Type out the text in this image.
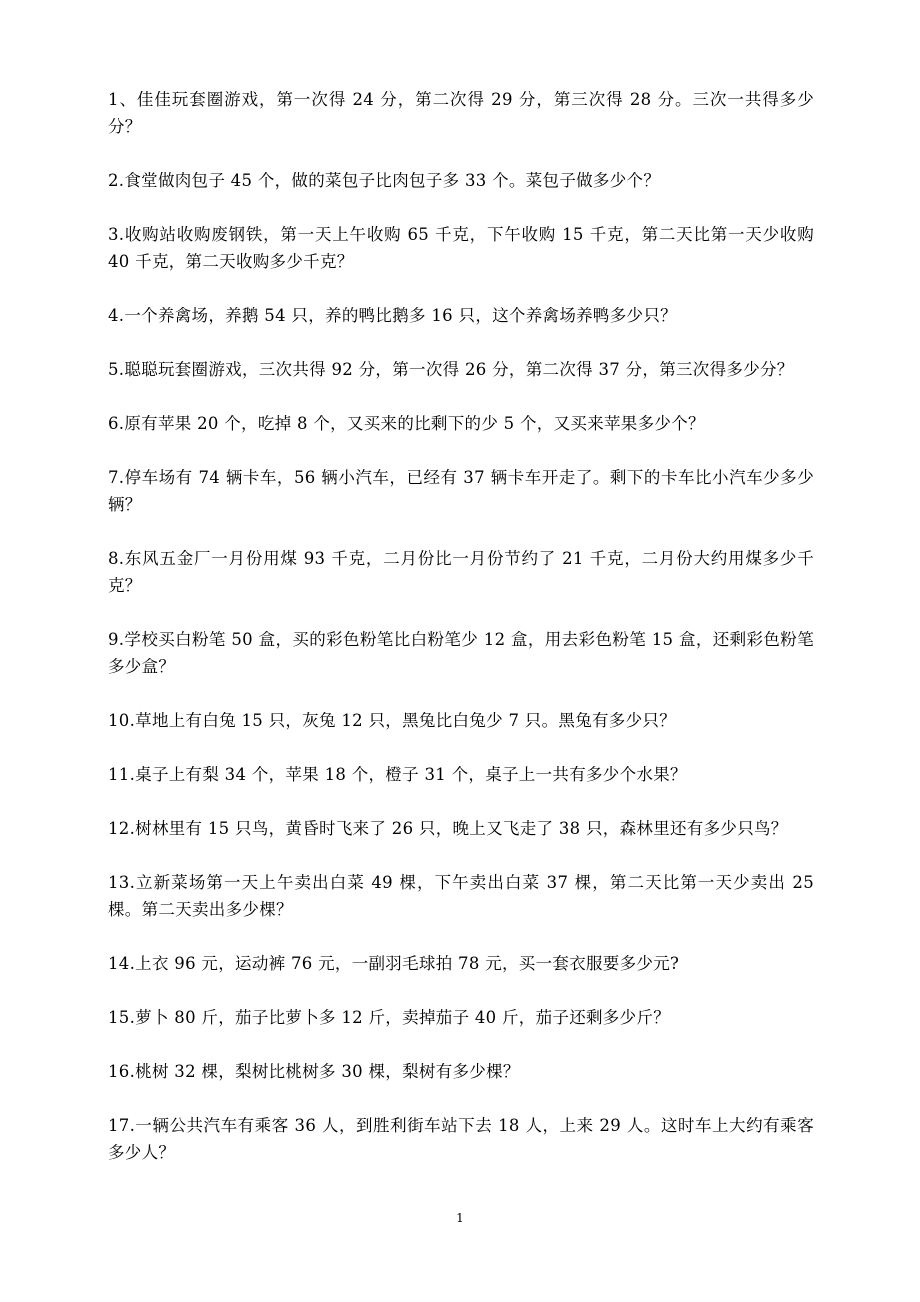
1、佳佳玩套圈游戏，第一次得 24 分，第二次得 29 分，第三次得 28 分。三次一共得多少分？
2.食堂做肉包子 45 个，做的菜包子比肉包子多 33 个。菜包子做多少个？
3.收购站收购废钢铁，第一天上午收购 65 千克，下午收购 15 千克，第二天比第一天少收购 40 千克，第二天收购多少千克？
4.一个养禽场，养鹅 54 只，养的鸭比鹅多 16 只，这个养禽场养鸭多少只？
5.聪聪玩套圈游戏，三次共得 92 分，第一次得 26 分，第二次得 37 分，第三次得多少分？
6.原有苹果 20 个，吃掉 8 个，又买来的比剩下的少 5 个，又买来苹果多少个？
7.停车场有 74 辆卡车，56 辆小汽车，已经有 37 辆卡车开走了。剩下的卡车比小汽车少多少辆？
8.东风五金厂一月份用煤 93 千克，二月份比一月份节约了 21 千克，二月份大约用煤多少千克？
9.学校买白粉笔 50 盒，买的彩色粉笔比白粉笔少 12 盒，用去彩色粉笔 15 盒，还剩彩色粉笔多少盒？
10.草地上有白兔 15 只，灰兔 12 只，黑兔比白兔少 7 只。黑兔有多少只？
11.桌子上有梨 34 个，苹果 18 个，橙子 31 个，桌子上一共有多少个水果？
12.树林里有 15 只鸟，黄昏时飞来了 26 只，晚上又飞走了 38 只，森林里还有多少只鸟？
13.立新菜场第一天上午卖出白菜 49 棵，下午卖出白菜 37 棵，第二天比第一天少卖出 25 棵。第二天卖出多少棵？
14.上衣 96 元，运动裤 76 元，一副羽毛球拍 78 元，买一套衣服要多少元?
15.萝卜 80 斤，茄子比萝卜多 12 斤，卖掉茄子 40 斤，茄子还剩多少斤？
16.桃树 32 棵，梨树比桃树多 30 棵，梨树有多少棵？
17.一辆公共汽车有乘客 36 人，到胜利街车站下去 18 人，上来 29 人。这时车上大约有乘客多少人？
1
